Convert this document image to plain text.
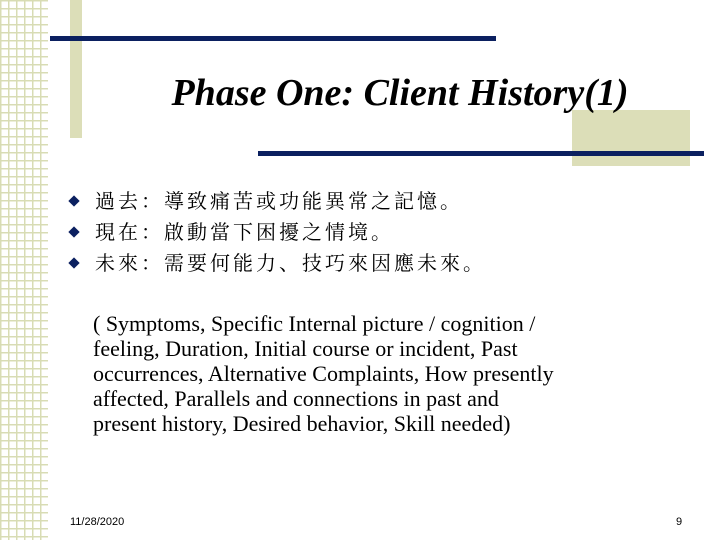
Phase One: Client History(1)
過去：導致痛苦或功能異常之記憶。
現在：啟動當下困擾之情境。
未來：需要何能力、技巧來因應未來。
( Symptoms, Specific Internal picture / cognition /
feeling, Duration, Initial course or incident, Past
occurrences, Alternative Complaints, How presently
affected, Parallels and connections in past and
present history, Desired behavior, Skill needed)
11/28/2020	9
